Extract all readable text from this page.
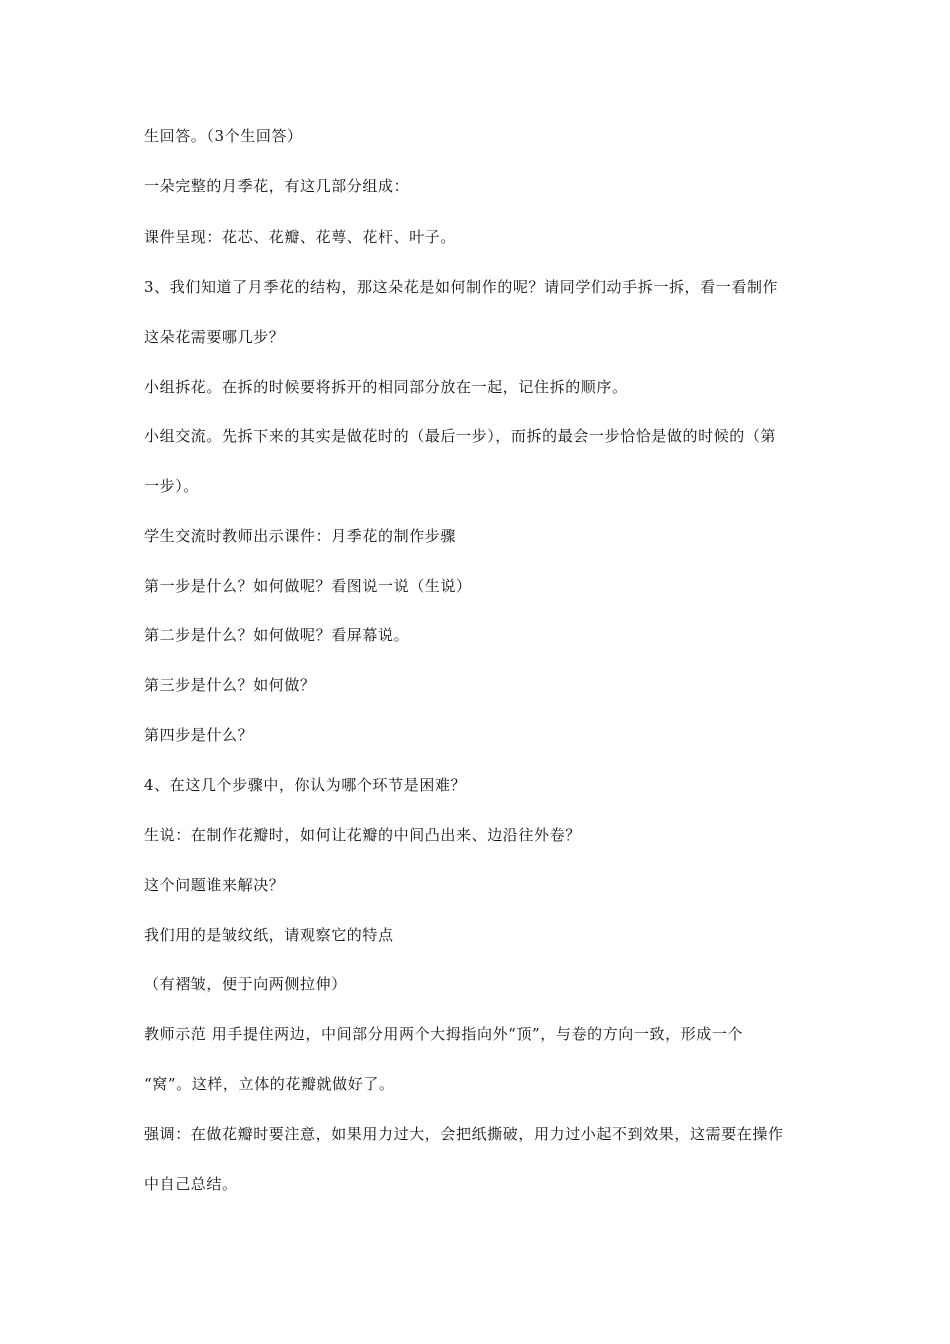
生回答。（3个生回答）
一朵完整的月季花，有这几部分组成：
课件呈现：花芯、花瓣、花萼、花杆、叶子。
3、我们知道了月季花的结构，那这朵花是如何制作的呢？请同学们动手拆一拆，看一看制作
这朵花需要哪几步？
小组拆花。在拆的时候要将拆开的相同部分放在一起，记住拆的顺序。
小组交流。先拆下来的其实是做花时的（最后一步），而拆的最会一步恰恰是做的时候的（第
一步）。
学生交流时教师出示课件：月季花的制作步骤
第一步是什么？如何做呢？看图说一说（生说）
第二步是什么？如何做呢？看屏幕说。
第三步是什么？如何做？
第四步是什么？
4、在这几个步骤中，你认为哪个环节是困难？
生说：在制作花瓣时，如何让花瓣的中间凸出来、边沿往外卷？
这个问题谁来解决？
我们用的是皱纹纸，请观察它的特点
（有褶皱，便于向两侧拉伸）
教师示范 用手提住两边，中间部分用两个大拇指向外“顶”，与卷的方向一致，形成一个
“窝”。这样，立体的花瓣就做好了。
强调：在做花瓣时要注意，如果用力过大，会把纸撕破，用力过小起不到效果，这需要在操作
中自己总结。
